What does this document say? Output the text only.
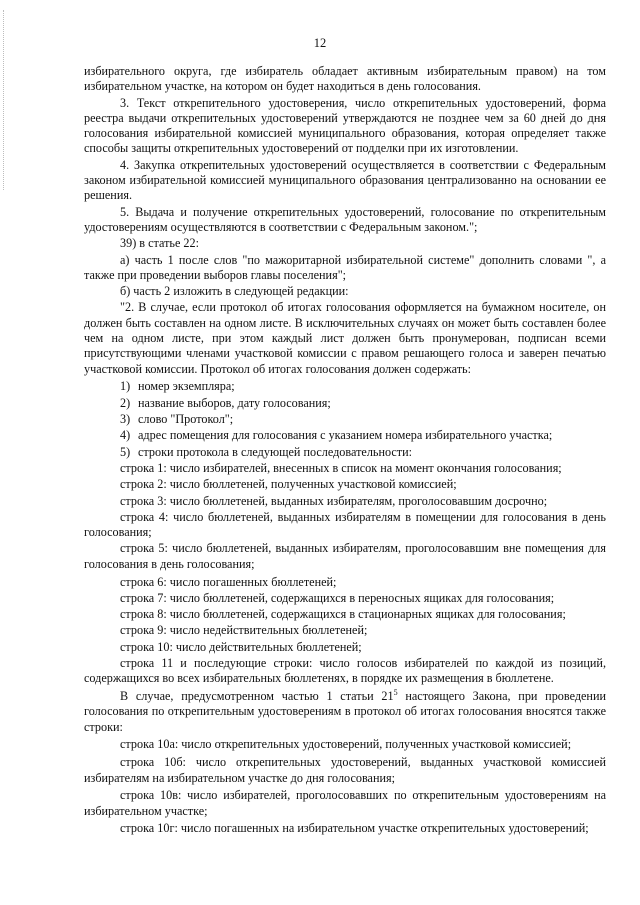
12

избирательного округа, где избиратель обладает активным избирательным правом) на том избирательном участке, на котором он будет находиться в день голосования.

3. Текст открепительного удостоверения, число открепительных удостоверений, форма реестра выдачи открепительных удостоверений утверждаются не позднее чем за 60 дней до дня голосования избирательной комиссией муниципального образования, которая определяет также способы защиты открепительных удостоверений от подделки при их изготовлении.

4. Закупка открепительных удостоверений осуществляется в соответствии с Федеральным законом избирательной комиссией муниципального образования централизованно на основании ее решения.

5. Выдача и получение открепительных удостоверений, голосование по открепительным удостоверениям осуществляются в соответствии с Федеральным законом.";

39) в статье 22:

а) часть 1 после слов "по мажоритарной избирательной системе" дополнить словами ", а также при проведении выборов главы поселения";

б) часть 2 изложить в следующей редакции:

"2. В случае, если протокол об итогах голосования оформляется на бумажном носителе, он должен быть составлен на одном листе. В исключительных случаях он может быть составлен более чем на одном листе, при этом каждый лист должен быть пронумерован, подписан всеми присутствующими членами участковой комиссии с правом решающего голоса и заверен печатью участковой комиссии. Протокол об итогах голосования должен содержать:

1) номер экземпляра;

2) название выборов, дату голосования;

3) слово "Протокол";

4) адрес помещения для голосования с указанием номера избирательного участка;

5) строки протокола в следующей последовательности:

строка 1: число избирателей, внесенных в список на момент окончания голосования;

строка 2: число бюллетеней, полученных участковой комиссией;

строка 3: число бюллетеней, выданных избирателям, проголосовавшим досрочно;

строка 4: число бюллетеней, выданных избирателям в помещении для голосования в день голосования;

строка 5: число бюллетеней, выданных избирателям, проголосовавшим вне помещения для голосования в день голосования;

строка 6: число погашенных бюллетеней;

строка 7: число бюллетеней, содержащихся в переносных ящиках для голосования;

строка 8: число бюллетеней, содержащихся в стационарных ящиках для голосования;

строка 9: число недействительных бюллетеней;

строка 10: число действительных бюллетеней;

строка 11 и последующие строки: число голосов избирателей по каждой из позиций, содержащихся во всех избирательных бюллетенях, в порядке их размещения в бюллетене.

В случае, предусмотренном частью 1 статьи $21^5$ настоящего Закона, при проведении голосования по открепительным удостоверениям в протокол об итогах голосования вносятся также строки:

строка 10а: число открепительных удостоверений, полученных участковой комиссией;

строка 10б: число открепительных удостоверений, выданных участковой комиссией избирателям на избирательном участке до дня голосования;

строка 10в: число избирателей, проголосовавших по открепительным удостоверениям на избирательном участке;

строка 10г: число погашенных на избирательном участке открепительных удостоверений;
